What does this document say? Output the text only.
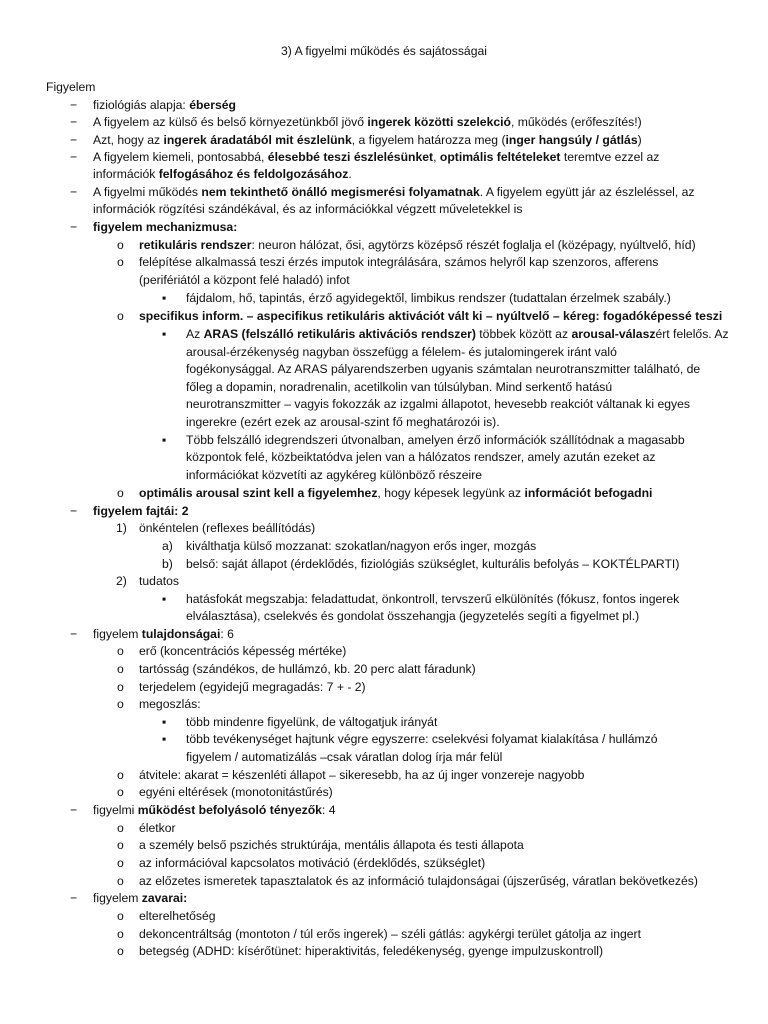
3) A figyelmi működés és sajátosságai
Figyelem
− fiziológiás alapja: éberség
− A figyelem az külső és belső környezetünkből jövő ingerek közötti szelekció, működés (erőfeszítés!)
− Azt, hogy az ingerek áradatából mit észlelünk, a figyelem határozza meg (inger hangsúly / gátlás)
− A figyelem kiemeli, pontosabbá, élesebbé teszi észlelésünket, optimális feltételeket teremtve ezzel az
információk felfogásához és feldolgozásához.
− A figyelmi működés nem tekinthető önálló megismerési folyamatnak. A figyelem együtt jár az észleléssel, az
információk rögzítési szándékával, és az információkkal végzett műveletekkel is
− figyelem mechanizmusa:
o retikuláris rendszer: neuron hálózat, ősi, agytörzs középső részét foglalja el (középagy, nyúltvelő, híd)
o felépítése alkalmassá teszi érzés imputok integrálására, számos helyről kap szenzoros, afferens
(perifériától a központ felé haladó) infot
▪ fájdalom, hő, tapintás, érző agyidegektől, limbikus rendszer (tudattalan érzelmek szabály.)
o specifikus inform. – aspecifikus retikuláris aktivációt vált ki – nyúltvelő – kéreg: fogadóképessé teszi
▪ Az ARAS (felszálló retikuláris aktivációs rendszer) többek között az arousal-válaszért felelős. Az
arousal-érzékenység nagyban összefügg a félelem- és jutalomingerek iránt való
fogékonysággal. Az ARAS pályarendszerben ugyanis számtalan neurotranszmitter található, de
főleg a dopamin, noradrenalin, acetilkolin van túlsúlyban. Mind serkentő hatású
neurotranszmitter – vagyis fokozzák az izgalmi állapotot, hevesebb reakciót váltanak ki egyes
ingerekre (ezért ezek az arousal-szint fő meghatározói is).
▪ Több felszálló idegrendszeri útvonalban, amelyen érző információk szállítódnak a magasabb
központok felé, közbeiktatódva jelen van a hálózatos rendszer, amely azután ezeket az
információkat közvetíti az agykéreg különböző részeire
o optimális arousal szint kell a figyelemhez, hogy képesek legyünk az információt befogadni
− figyelem fajtái: 2
1) önkéntelen (reflexes beállítódás)
a) kiválthatja külső mozzanat: szokatlan/nagyon erős inger, mozgás
b) belső: saját állapot (érdeklődés, fiziológiás szükséglet, kulturális befolyás – KOKTÉLPARTI)
2) tudatos
▪ hatásfokát megszabja: feladattudat, önkontroll, tervszerű elkülönítés (fókusz, fontos ingerek
elválasztása), cselekvés és gondolat összehangja (jegyzetelés segíti a figyelmet pl.)
− figyelem tulajdonságai: 6
o erő (koncentrációs képesség mértéke)
o tartósság (szándékos, de hullámzó, kb. 20 perc alatt fáradunk)
o terjedelem (egyidejű megragadás: 7 + - 2)
o megoszlás:
▪ több mindenre figyelünk, de váltogatjuk irányát
▪ több tevékenységet hajtunk végre egyszerre: cselekvési folyamat kialakítása / hullámzó
figyelem / automatizálás –csak váratlan dolog írja már felül
o átvitele: akarat = készenléti állapot – sikeresebb, ha az új inger vonzereje nagyobb
o egyéni eltérések (monotonitástűrés)
− figyelmi működést befolyásoló tényezők: 4
o életkor
o a személy belső pszichés struktúrája, mentális állapota és testi állapota
o az információval kapcsolatos motiváció (érdeklődés, szükséglet)
o az előzetes ismeretek tapasztalatok és az információ tulajdonságai (újszerűség, váratlan bekövetkezés)
− figyelem zavarai:
o elterelhetőség
o dekoncentráltság (montoton / túl erős ingerek) – széli gátlás: agykérgi terület gátolja az ingert
o betegség (ADHD: kísérőtünet: hiperaktivitás, feledékenység, gyenge impulzuskontroll)
